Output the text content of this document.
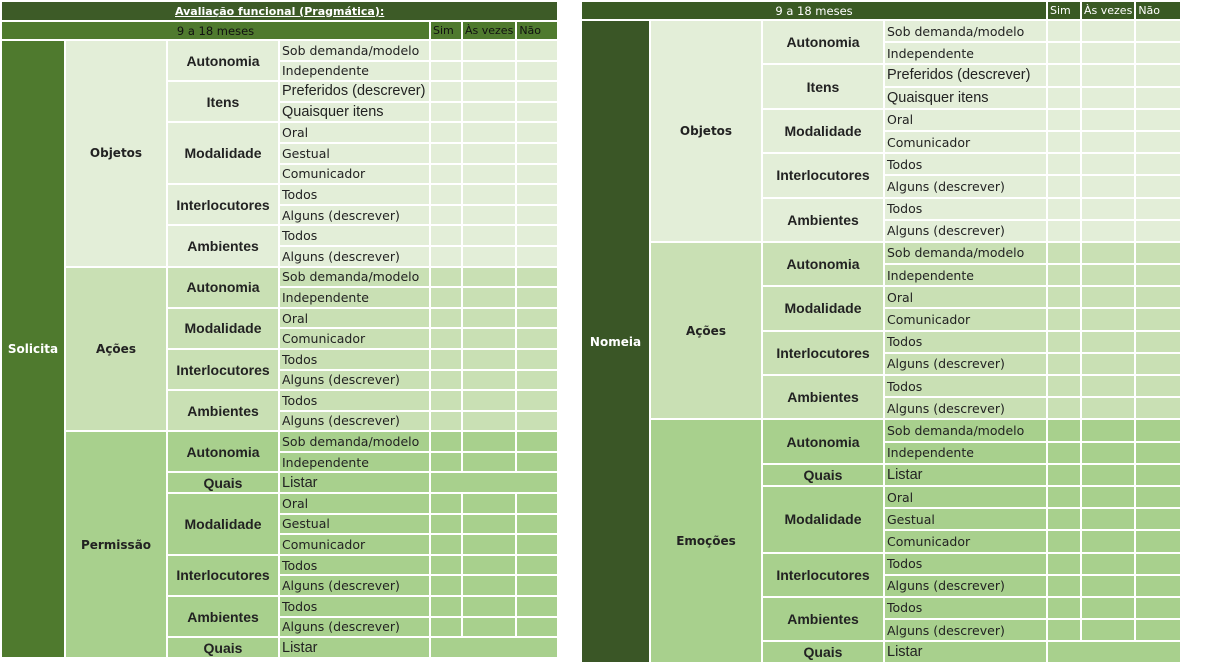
Avaliação funcional (Pragmática):						
9 a 18 meses				Sim	Às vezes	Não
Solicita	Objetos	Autonomia	Sob demanda/modelo			
			Independente			
		Itens	Preferidos (descrever)			
			Quaisquer itens			
		Modalidade	Oral			
			Gestual			
			Comunicador			
		Interlocutores	Todos			
			Alguns (descrever)			
		Ambientes	Todos			
			Alguns (descrever)			
	Ações	Autonomia	Sob demanda/modelo			
			Independente			
		Modalidade	Oral			
			Comunicador			
		Interlocutores	Todos			
			Alguns (descrever)			
		Ambientes	Todos			
			Alguns (descrever)			
	Permissão	Autonomia	Sob demanda/modelo			
			Independente			
		Quais	Listar			
		Modalidade	Oral			
			Gestual			
			Comunicador			
		Interlocutores	Todos			
			Alguns (descrever)			
		Ambientes	Todos			
			Alguns (descrever)			
		Quais	Listar			
9 a 18 meses				Sim	Às vezes	Não
Nomeia	Objetos	Autonomia	Sob demanda/modelo			
			Independente			
		Itens	Preferidos (descrever)			
			Quaisquer itens			
		Modalidade	Oral			
			Comunicador			
		Interlocutores	Todos			
			Alguns (descrever)			
		Ambientes	Todos			
			Alguns (descrever)			
	Ações	Autonomia	Sob demanda/modelo			
			Independente			
		Modalidade	Oral			
			Comunicador			
		Interlocutores	Todos			
			Alguns (descrever)			
		Ambientes	Todos			
			Alguns (descrever)			
	Emoções	Autonomia	Sob demanda/modelo			
			Independente			
		Quais	Listar			
		Modalidade	Oral			
			Gestual			
			Comunicador			
		Interlocutores	Todos			
			Alguns (descrever)			
		Ambientes	Todos			
			Alguns (descrever)			
		Quais	Listar			
